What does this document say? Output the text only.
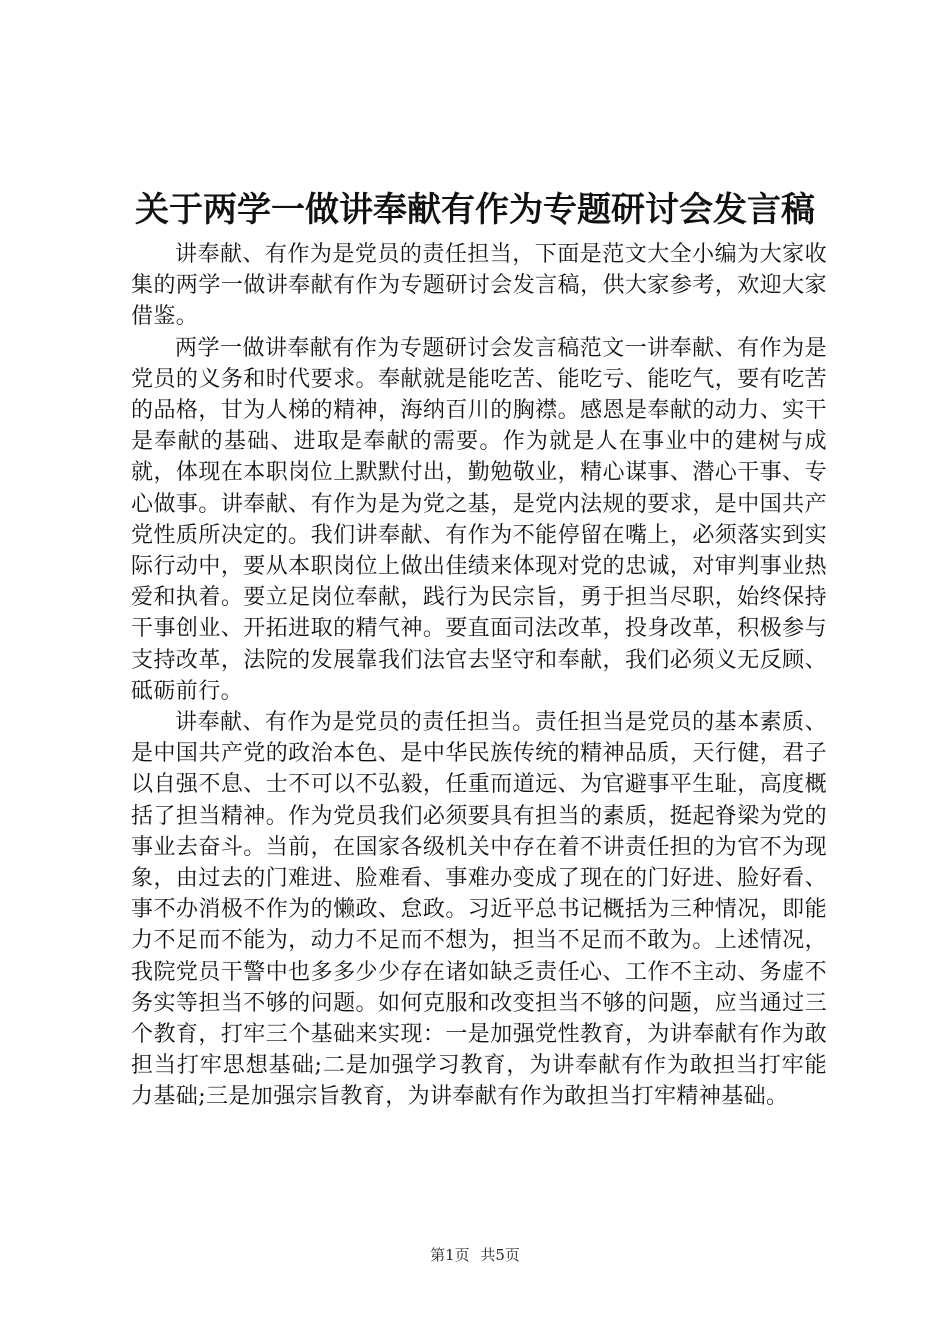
关于两学一做讲奉献有作为专题研讨会发言稿

讲奉献、有作为是党员的责任担当，下面是范文大全小编为大家收集的两学一做讲奉献有作为专题研讨会发言稿，供大家参考，欢迎大家借鉴。

两学一做讲奉献有作为专题研讨会发言稿范文一讲奉献、有作为是党员的义务和时代要求。奉献就是能吃苦、能吃亏、能吃气，要有吃苦的品格，甘为人梯的精神，海纳百川的胸襟。感恩是奉献的动力、实干是奉献的基础、进取是奉献的需要。作为就是人在事业中的建树与成就，体现在本职岗位上默默付出，勤勉敬业，精心谋事、潜心干事、专心做事。讲奉献、有作为是为党之基，是党内法规的要求，是中国共产党性质所决定的。我们讲奉献、有作为不能停留在嘴上，必须落实到实际行动中，要从本职岗位上做出佳绩来体现对党的忠诚，对审判事业热爱和执着。要立足岗位奉献，践行为民宗旨，勇于担当尽职，始终保持干事创业、开拓进取的精气神。要直面司法改革，投身改革，积极参与支持改革，法院的发展靠我们法官去坚守和奉献，我们必须义无反顾、砥砺前行。

讲奉献、有作为是党员的责任担当。责任担当是党员的基本素质、是中国共产党的政治本色、是中华民族传统的精神品质，天行健，君子以自强不息、士不可以不弘毅，任重而道远、为官避事平生耻，高度概括了担当精神。作为党员我们必须要具有担当的素质，挺起脊梁为党的事业去奋斗。当前，在国家各级机关中存在着不讲责任担的为官不为现象，由过去的门难进、脸难看、事难办变成了现在的门好进、脸好看、事不办消极不作为的懒政、怠政。习近平总书记概括为三种情况，即能力不足而不能为，动力不足而不想为，担当不足而不敢为。上述情况，我院党员干警中也多多少少存在诸如缺乏责任心、工作不主动、务虚不务实等担当不够的问题。如何克服和改变担当不够的问题，应当通过三个教育，打牢三个基础来实现：一是加强党性教育，为讲奉献有作为敢担当打牢思想基础;二是加强学习教育，为讲奉献有作为敢担当打牢能力基础;三是加强宗旨教育，为讲奉献有作为敢担当打牢精神基础。

第1页 共5页
